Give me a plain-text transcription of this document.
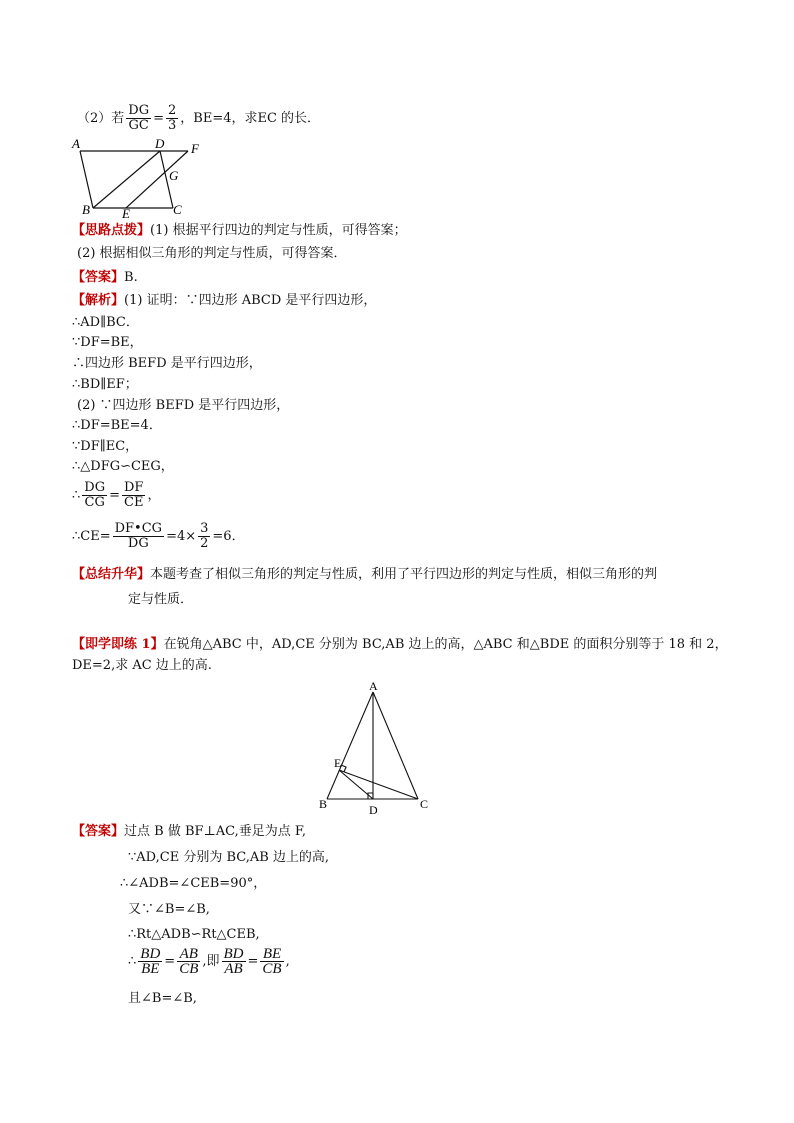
（2）若 $\frac{DG}{GC} = \frac{2}{3}$ ，BE=4，求EC 的长．
A	D F
G
B E	C
【思路点拨】(1) 根据平行四边的判定与性质，可得答案；
(2) 根据相似三角形的判定与性质，可得答案．
【答案】B.
【解析】(1) 证明：∵四边形 ABCD 是平行四边形，
∴AD∥BC．
∵DF=BE，
∴四边形 BEFD 是平行四边形，
∴BD∥EF；
(2) ∵四边形 BEFD 是平行四边形，
∴DF=BE=4．
∵DF∥EC，
∴△DFG∽CEG，
∴ $\frac{DG}{CG} = \frac{DF}{CE}$ ，
∴CE= $\frac{DF•CG}{DG} =4\times \frac{3}{2} =6$．
【总结升华】本题考查了相似三角形的判定与性质，利用了平行四边形的判定与性质，相似三角形的判
定与性质．
【即学即练 1】在锐角△ABC 中，AD,CE 分别为 BC,AB 边上的高，△ABC 和△BDE 的面积分别等于 18 和 2，
DE=2,求 AC 边上的高.
A
E
B	D	C
【答案】过点 B 做 BF⊥AC,垂足为点 F,
∵AD,CE 分别为 BC,AB 边上的高,
∴∠ADB=∠CEB=90°，
又∵∠B=∠B,
∴Rt△ADB∽Rt△CEB,
∴ $\frac{BD}{BE} = \frac{AB}{CB}$ ,即 $\frac{BD}{AB} = \frac{BE}{CB}$ ,
且∠B=∠B,
